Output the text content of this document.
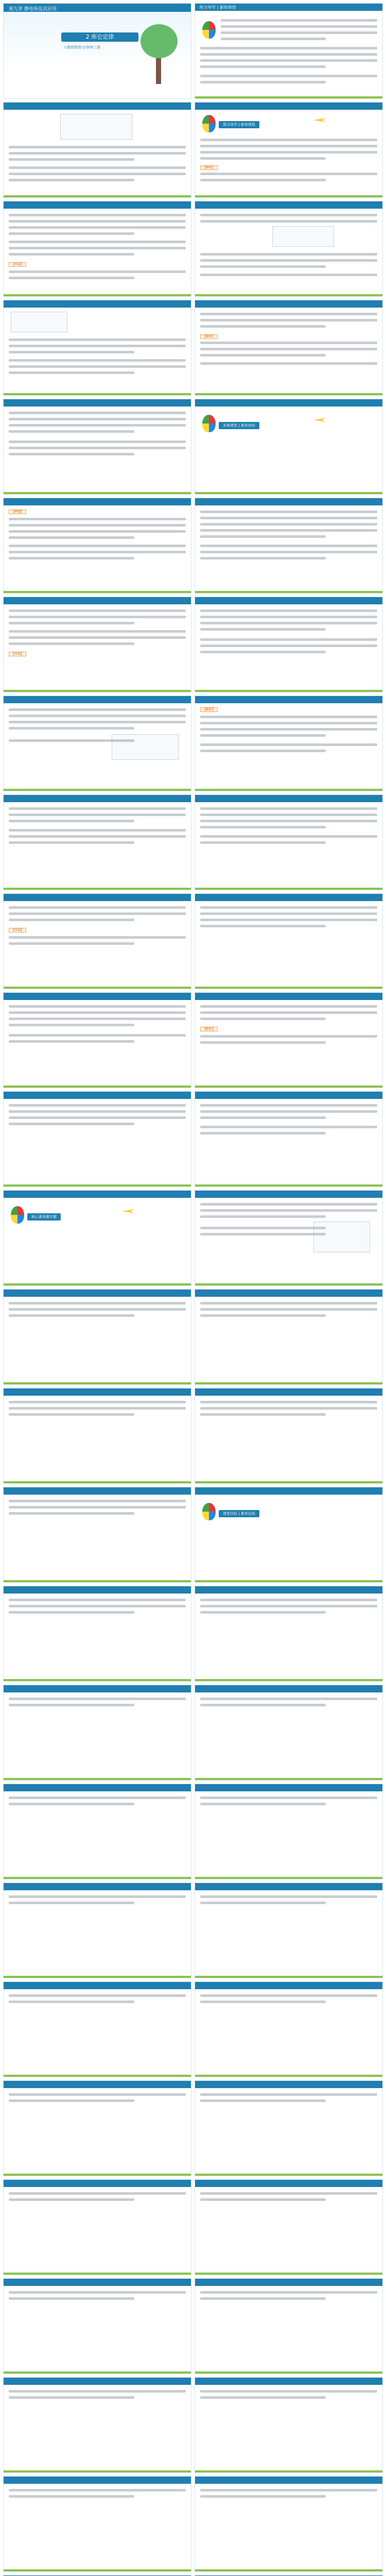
第九章 静电场及其应用
2 库仑定律
人教版物理·必修第三册
预习导学 | 新知领悟
预习导学 | 新知领悟
【解析】
【答案】
【解析】
多维课堂 | 素养初培
【例题】
【答案】
【解析】
【答案】
【解析】
核心素养微专题
课堂达标 | 素养达成
